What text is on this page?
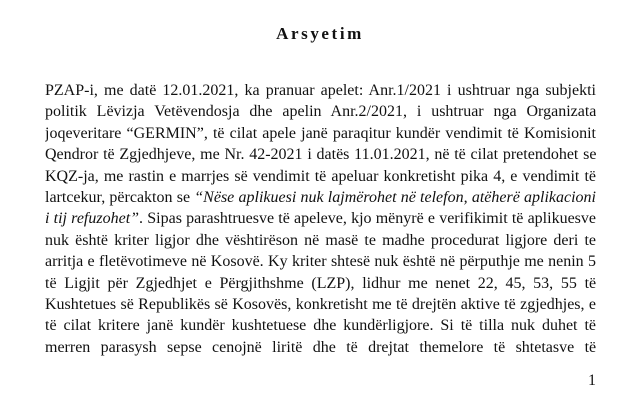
Arsyetim
PZAP-i, me datë 12.01.2021, ka pranuar apelet: Anr.1/2021 i ushtruar nga subjekti
politik Lëvizja Vetëvendosja dhe apelin Anr.2/2021, i ushtruar nga Organizata
joqeveritare “GERMIN”, të cilat apele janë paraqitur kundër vendimit të Komisionit
Qendror të Zgjedhjeve, me Nr. 42-2021 i datës 11.01.2021, në të cilat pretendohet se
KQZ-ja, me rastin e marrjes së vendimit të apeluar konkretisht pika 4, e vendimit të
lartcekur, përcakton se “Nëse aplikuesi nuk lajmërohet në telefon, atëherë aplikacioni
i tij refuzohet”. Sipas parashtruesve të apeleve, kjo mënyrë e verifikimit të aplikuesve
nuk është kriter ligjor dhe vështirëson në masë te madhe procedurat ligjore deri te
arritja e fletëvotimeve në Kosovë. Ky kriter shtesë nuk është në përputhje me nenin 5
të Ligjit për Zgjedhjet e Përgjithshme (LZP), lidhur me nenet 22, 45, 53, 55 të
Kushtetues së Republikës së Kosovës, konkretisht me të drejtën aktive të zgjedhjes, e
të cilat kritere janë kundër kushtetuese dhe kundërligjore. Si të tilla nuk duhet të
merren parasysh sepse cenojnë liritë dhe të drejtat themelore të shtetasve të
1
